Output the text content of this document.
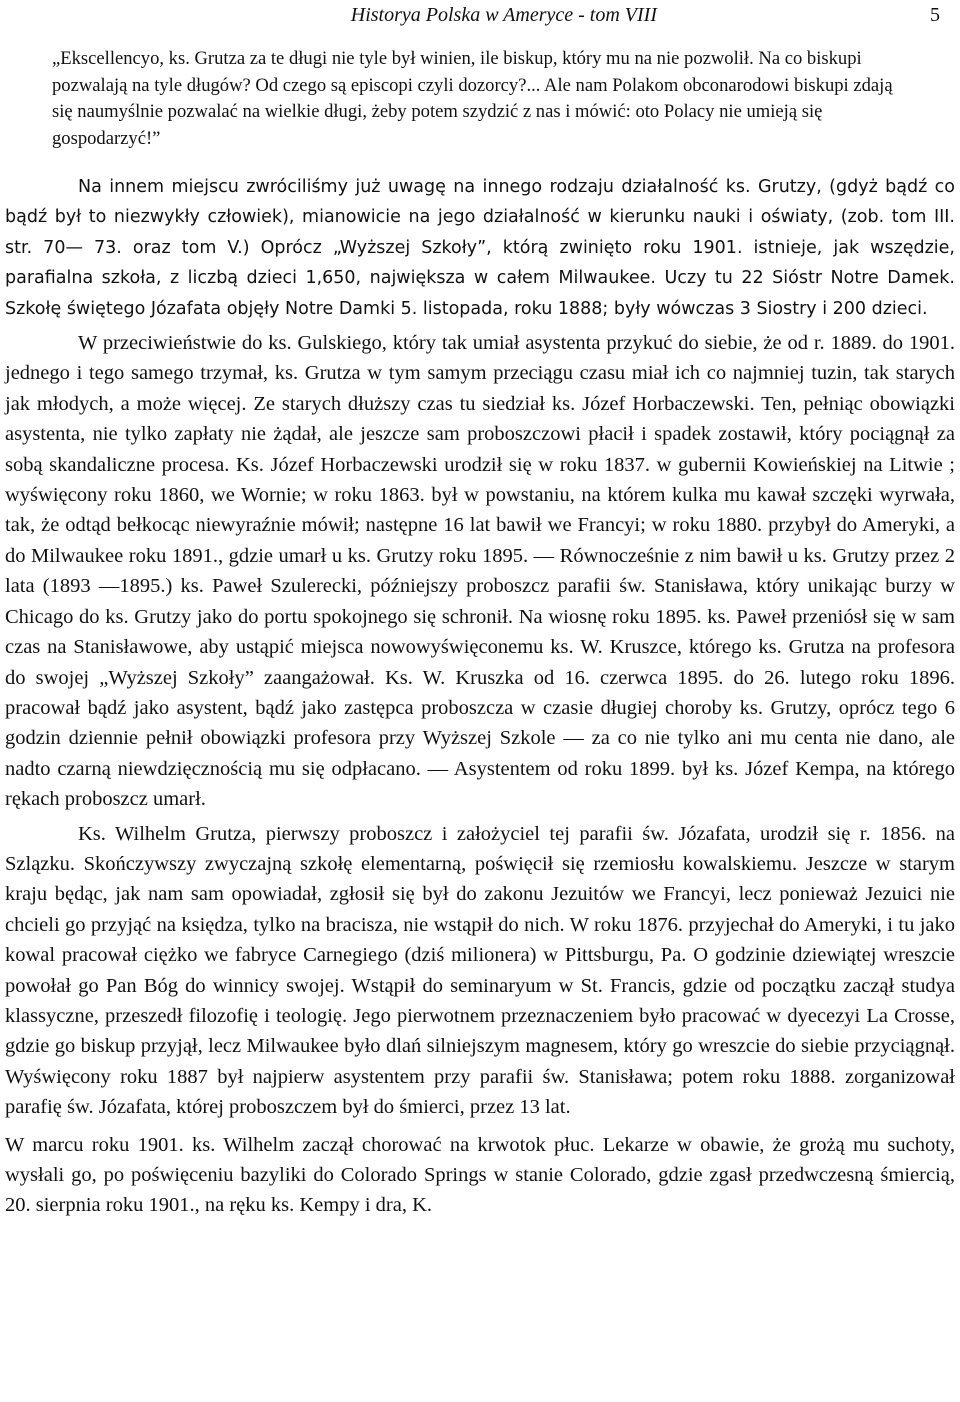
Historya Polska w Ameryce - tom VIII	5
„Ekscellencyo, ks. Grutza za te długi nie tyle był winien, ile biskup, który mu na nie pozwolił. Na co biskupi pozwalają na tyle długów? Od czego są episcopi czyli dozorcy?... Ale nam Polakom obconarodowi biskupi zdają się naumyślnie pozwalać na wielkie długi, żeby potem szydzić z nas i mówić: oto Polacy nie umieją się gospodarzyć!”

Na innem miejscu zwróciliśmy już uwagę na innego rodzaju działalność ks. Grutzy, (gdyż bądź co bądź był to niezwykły człowiek), mianowicie na jego działalność w kierunku nauki i oświaty, (zob. tom III. str. 70— 73. oraz tom V.) Oprócz „Wyższej Szkoły”, którą zwinięto roku 1901. istnieje, jak wszędzie, parafialna szkoła, z liczbą dzieci 1,650, największa w całem Milwaukee. Uczy tu 22 Sióstr Notre Damek. Szkołę świętego Józafata objęły Notre Damki 5. listopada, roku 1888; były wówczas 3 Siostry i 200 dzieci.

W przeciwieństwie do ks. Gulskiego, który tak umiał asystenta przykuć do siebie, że od r. 1889. do 1901. jednego i tego samego trzymał, ks. Grutza w tym samym przeciągu czasu miał ich co najmniej tuzin, tak starych jak młodych, a może więcej. Ze starych dłuższy czas tu siedział ks. Józef Horbaczewski. Ten, pełniąc obowiązki asystenta, nie tylko zapłaty nie żądał, ale jeszcze sam proboszczowi płacił i spadek zostawił, który pociągnął za sobą skandaliczne procesa. Ks. Józef Horbaczewski urodził się w roku 1837. w gubernii Kowieńskiej na Litwie ; wyświęcony roku 1860, we Wornie; w roku 1863. był w powstaniu, na którem kulka mu kawał szczęki wyrwała, tak, że odtąd bełkocąc niewyraźnie mówił; następne 16 lat bawił we Francyi; w roku 1880. przybył do Ameryki, a do Milwaukee roku 1891., gdzie umarł u ks. Grutzy roku 1895. — Równocześnie z nim bawił u ks. Grutzy przez 2 lata (1893 —1895.) ks. Paweł Szulerecki, późniejszy proboszcz parafii św. Stanisława, który unikając burzy w Chicago do ks. Grutzy jako do portu spokojnego się schronił. Na wiosnę roku 1895. ks. Paweł przeniósł się w sam czas na Stanisławowe, aby ustąpić miejsca nowowyświęconemu ks. W. Kruszce, którego ks. Grutza na profesora do swojej „Wyższej Szkoły” zaangażował. Ks. W. Kruszka od 16. czerwca 1895. do 26. lutego roku 1896. pracował bądź jako asystent, bądź jako zastępca proboszcza w czasie długiej choroby ks. Grutzy, oprócz tego 6 godzin dziennie pełnił obowiązki profesora przy Wyższej Szkole — za co nie tylko ani mu centa nie dano, ale nadto czarną niewdzięcznością mu się odpłacano. — Asystentem od roku 1899. był ks. Józef Kempa, na którego rękach proboszcz umarł.

Ks. Wilhelm Grutza, pierwszy proboszcz i założyciel tej parafii św. Józafata, urodził się r. 1856. na Szlązku. Skończywszy zwyczajną szkołę elementarną, poświęcił się rzemiosłu kowalskiemu. Jeszcze w starym kraju będąc, jak nam sam opowiadał, zgłosił się był do zakonu Jezuitów we Francyi, lecz ponieważ Jezuici nie chcieli go przyjąć na księdza, tylko na bracisza, nie wstąpił do nich. W roku 1876. przyjechał do Ameryki, i tu jako kowal pracował ciężko we fabryce Carnegiego (dziś milionera) w Pittsburgu, Pa. O godzinie dziewiątej wreszcie powołał go Pan Bóg do winnicy swojej. Wstąpił do seminaryum w St. Francis, gdzie od początku zaczął studya klassyczne, przeszedł filozofię i teologię. Jego pierwotnem przeznaczeniem było pracować w dyecezyi La Crosse, gdzie go biskup przyjął, lecz Milwaukee było dlań silniejszym magnesem, który go wreszcie do siebie przyciągnął. Wyświęcony roku 1887 był najpierw asystentem przy parafii św. Stanisława; potem roku 1888. zorganizował parafię św. Józafata, której proboszczem był do śmierci, przez 13 lat.

W marcu roku 1901. ks. Wilhelm zaczął chorować na krwotok płuc. Lekarze w obawie, że grożą mu suchoty, wysłali go, po poświęceniu bazyliki do Colorado Springs w stanie Colorado, gdzie zgasł przedwczesną śmiercią, 20. sierpnia roku 1901., na ręku ks. Kempy i dra, K.
